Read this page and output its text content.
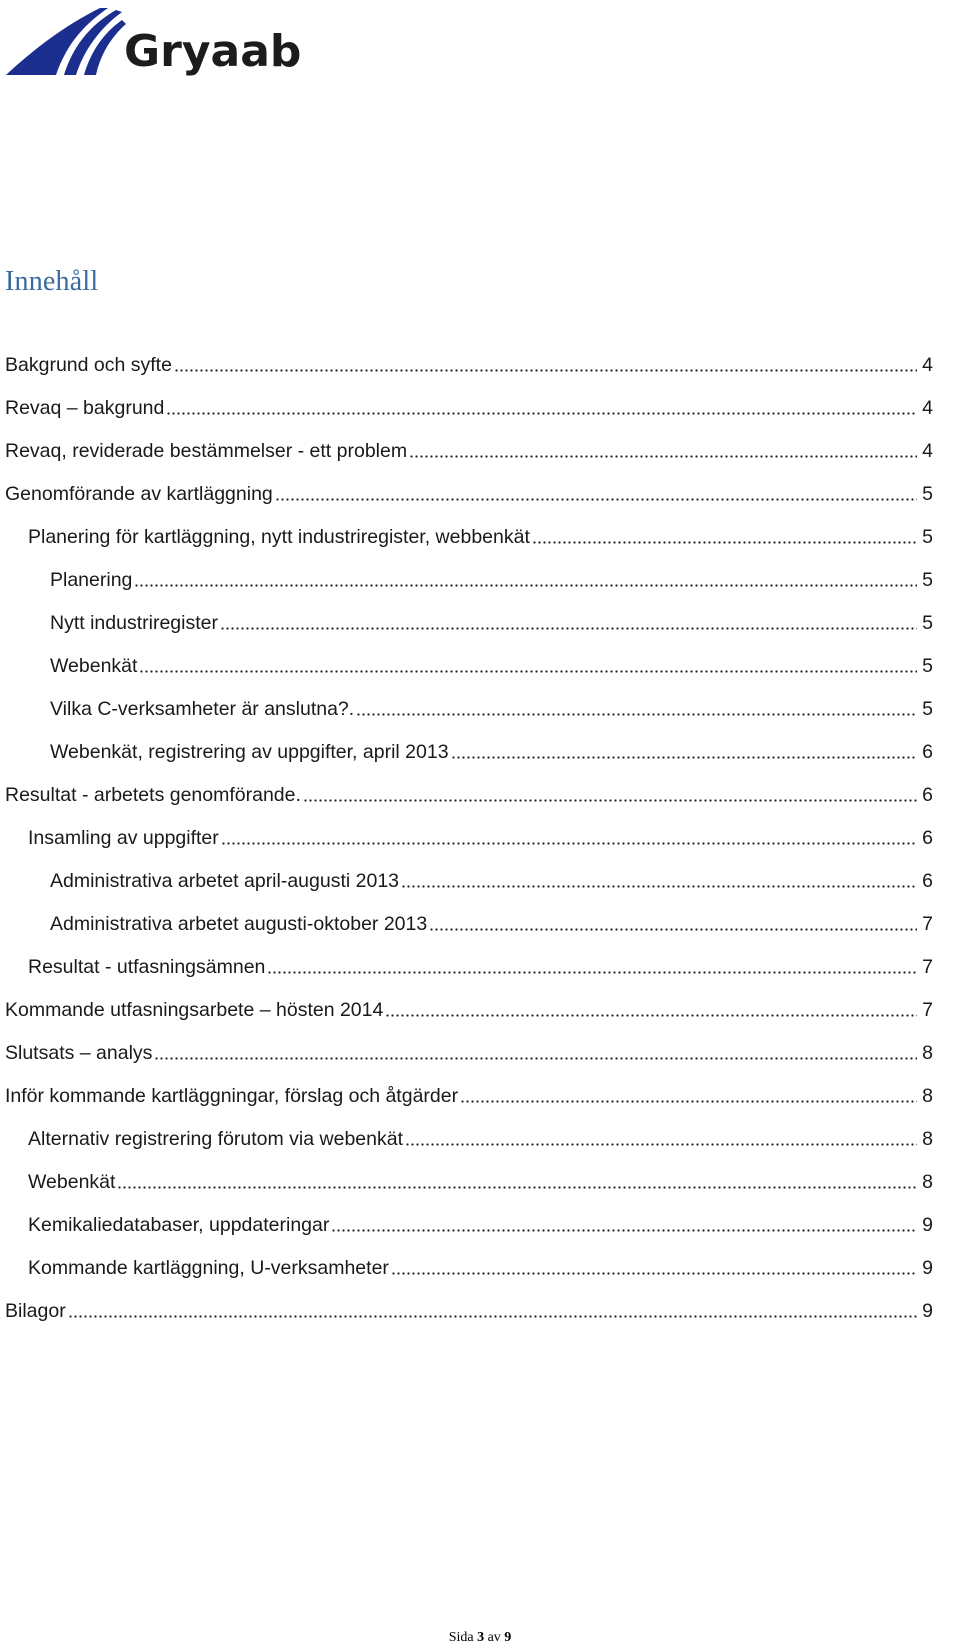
Gryaab
Innehåll
Bakgrund och syfte	4
Revaq – bakgrund	4
Revaq, reviderade bestämmelser - ett problem	4
Genomförande av kartläggning	5
Planering för kartläggning, nytt industriregister, webbenkät	5
Planering	5
Nytt industriregister	5
Webenkät	5
Vilka C-verksamheter är anslutna?.	5
Webenkät, registrering av uppgifter, april 2013	6
Resultat - arbetets genomförande.	6
Insamling av uppgifter	6
Administrativa arbetet april-augusti 2013	6
Administrativa arbetet augusti-oktober 2013	7
Resultat - utfasningsämnen	7
Kommande utfasningsarbete – hösten 2014	7
Slutsats – analys	8
Inför kommande kartläggningar, förslag och åtgärder	8
Alternativ registrering förutom via webenkät	8
Webenkät	8
Kemikaliedatabaser, uppdateringar	9
Kommande kartläggning, U-verksamheter	9
Bilagor	9
Sida 3 av 9
